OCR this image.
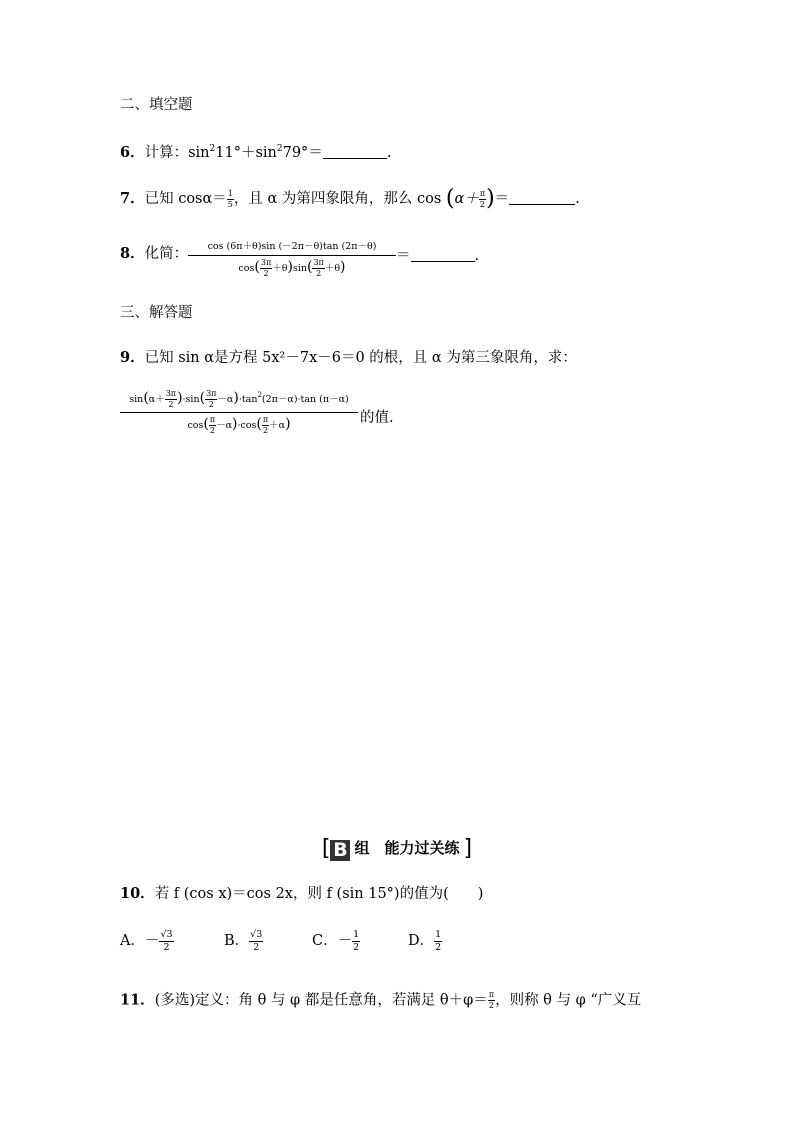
二、填空题
6．计算：$\sin^211^\circ+\sin^279^\circ=$	.
7．已知 $\cos\alpha= \frac{1}{5}$ ，且 α 为第四象限角，那么 $\cos (\alpha+ \frac{\pi}{2}$ )＝	.
8．化简： $\frac{\cos (6\pi+\theta)\sin (-2\pi-\theta)\tan (2\pi-\theta)}{\cos( \frac{3\pi}{2} +\theta)\sin( \frac{3\pi}{2} +\theta)}$ ＝	.
三、解答题
9．已知 sin α是方程 5x²－7x－6＝0 的根，且 α 为第三象限角，求：
$\frac{\sin(\alpha+ \frac{3\pi}{2} )\cdot\sin( \frac{3\pi}{2} -\alpha)\cdot\tan^2(2\pi-\alpha)\cdot\tan (\pi-\alpha)}{\cos( \frac{\pi}{2} -\alpha)\cdot\cos( \frac{\pi}{2} +\alpha)}$ 的值.
[ B 组　能力过关练 ]
10．若 f (cos x)＝cos 2x，则 f (sin 15°)的值为(　　)
A．－ $\frac{√3}{2}$	B． $\frac{√3}{2}$	C．－ $\frac{1}{2}$	D． $\frac{1}{2}$
11．(多选)定义：角 θ 与 φ 都是任意角，若满足 $\theta+\varphi= \frac{\pi}{2}$ ，则称 θ 与 φ “广义互
